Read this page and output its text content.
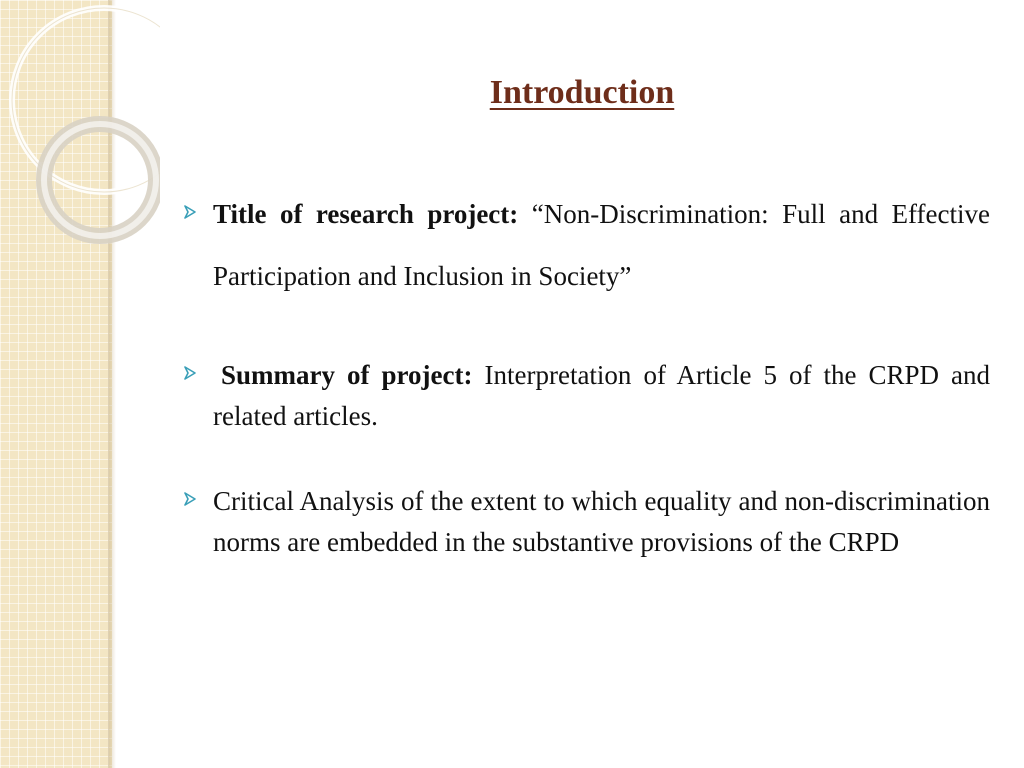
Introduction
Title of research project: “Non-Discrimination: Full and Effective Participation and Inclusion in Society”
Summary of project: Interpretation of Article 5 of the CRPD and related articles.
Critical Analysis of the extent to which equality and non-discrimination norms are embedded in the substantive provisions of the CRPD
